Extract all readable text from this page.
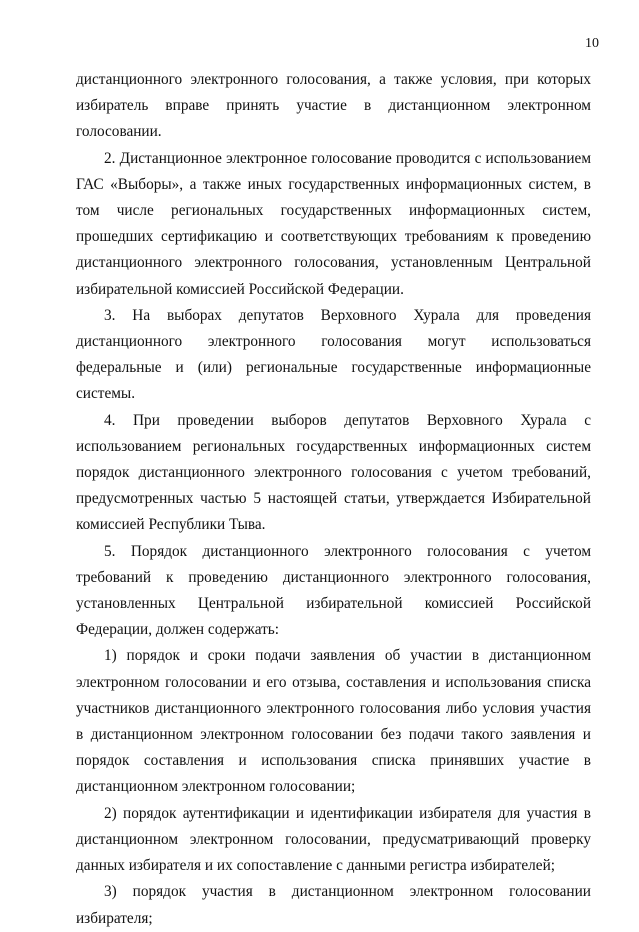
10

дистанционного электронного голосования, а также условия, при которых избиратель вправе принять участие в дистанционном электронном голосовании.

2. Дистанционное электронное голосование проводится с использованием ГАС «Выборы», а также иных государственных информационных систем, в том числе региональных государственных информационных систем, прошедших сертификацию и соответствующих требованиям к проведению дистанционного электронного голосования, установленным Центральной избирательной комиссией Российской Федерации.

3. На выборах депутатов Верховного Хурала для проведения дистанционного электронного голосования могут использоваться федеральные и (или) региональные государственные информационные системы.

4. При проведении выборов депутатов Верховного Хурала с использованием региональных государственных информационных систем порядок дистанционного электронного голосования с учетом требований, предусмотренных частью 5 настоящей статьи, утверждается Избирательной комиссией Республики Тыва.

5. Порядок дистанционного электронного голосования с учетом требований к проведению дистанционного электронного голосования, установленных Центральной избирательной комиссией Российской Федерации, должен содержать:

1) порядок и сроки подачи заявления об участии в дистанционном электронном голосовании и его отзыва, составления и использования списка участников дистанционного электронного голосования либо условия участия в дистанционном электронном голосовании без подачи такого заявления и порядок составления и использования списка принявших участие в дистанционном электронном голосовании;

2) порядок аутентификации и идентификации избирателя для участия в дистанционном электронном голосовании, предусматривающий проверку данных избирателя и их сопоставление с данными регистра избирателей;

3) порядок участия в дистанционном электронном голосовании избирателя;
